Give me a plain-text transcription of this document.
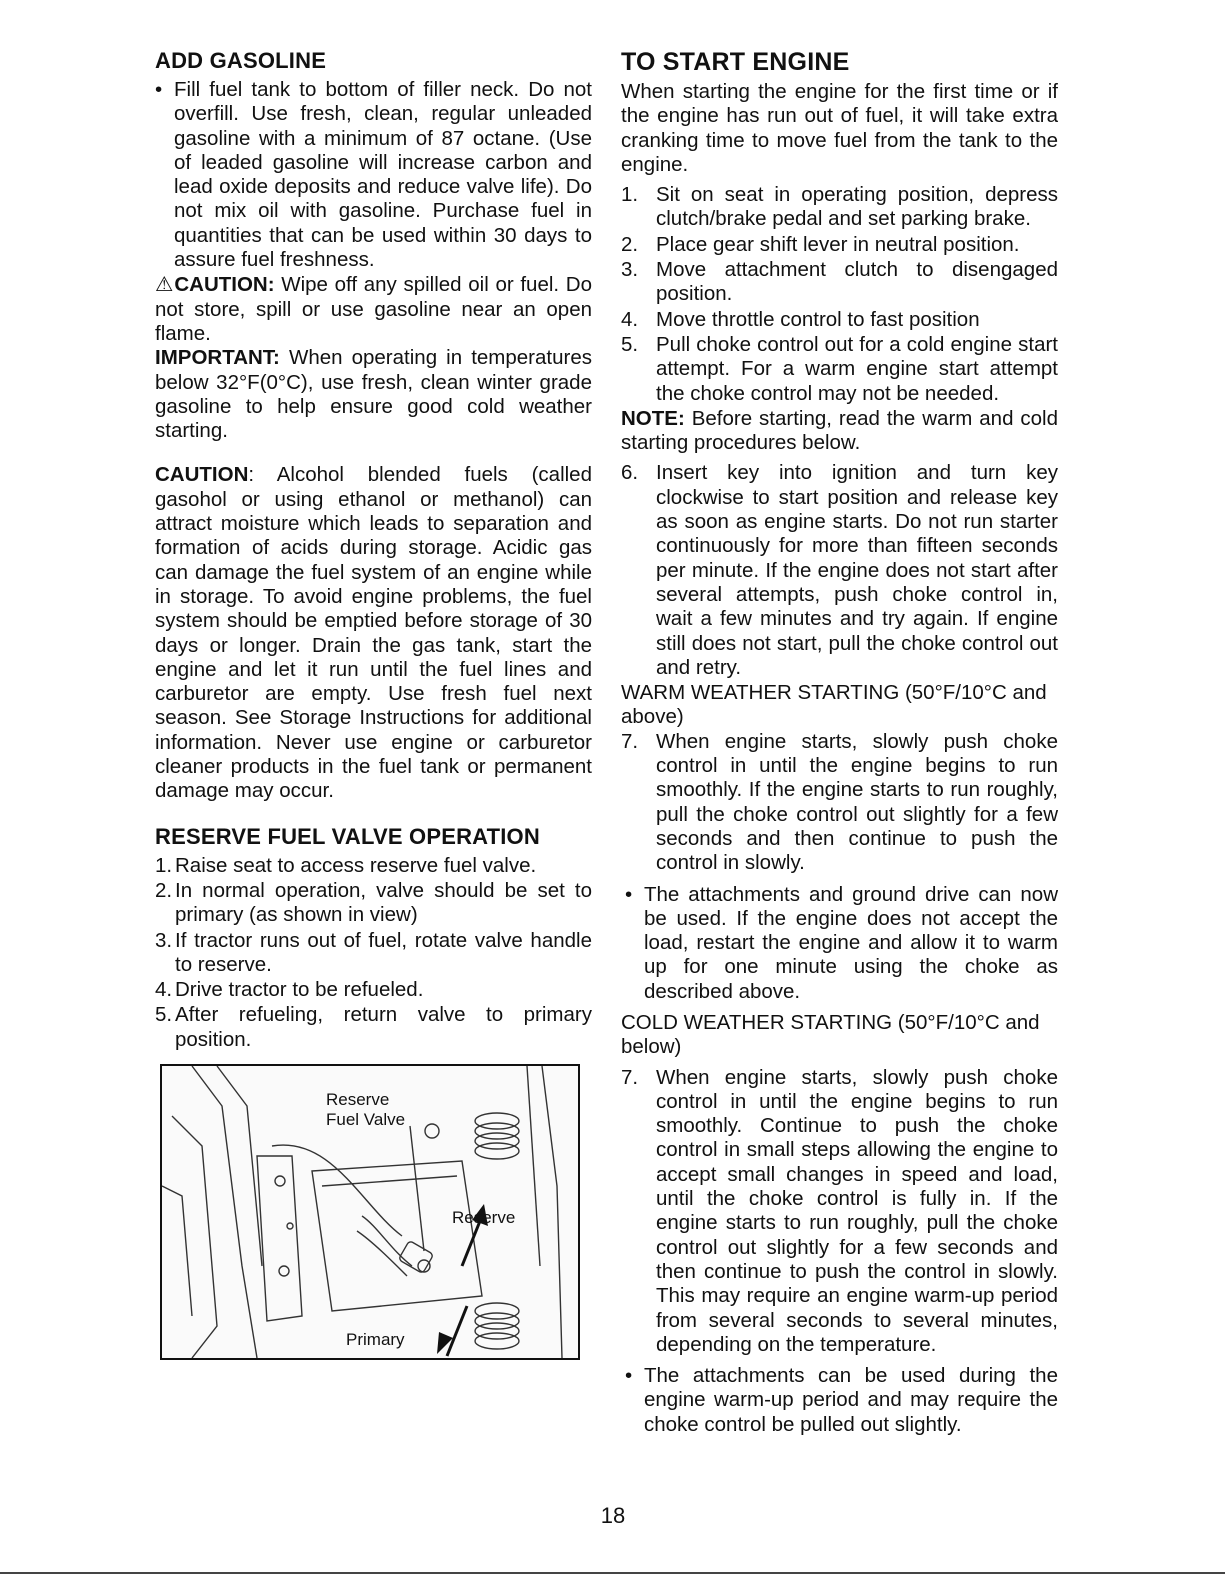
ADD GASOLINE
• Fill fuel tank to bottom of filler neck. Do not overfill. Use fresh, clean, regular unleaded gasoline with a minimum of 87 octane. (Use of leaded gasoline will increase carbon and lead oxide deposits and reduce valve life). Do not mix oil with gasoline. Purchase fuel in quantities that can be used within 30 days to assure fuel freshness.

⚠CAUTION: Wipe off any spilled oil or fuel. Do not store, spill or use gasoline near an open flame.

IMPORTANT: When operating in temperatures below 32°F(0°C), use fresh, clean winter grade gasoline to help ensure good cold weather starting.

CAUTION: Alcohol blended fuels (called gasohol or using ethanol or methanol) can attract moisture which leads to separation and formation of acids during storage. Acidic gas can damage the fuel system of an engine while in storage. To avoid engine problems, the fuel system should be emptied before storage of 30 days or longer. Drain the gas tank, start the engine and let it run until the fuel lines and carburetor are empty. Use fresh fuel next season. See Storage Instructions for additional information. Never use engine or carburetor cleaner products in the fuel tank or permanent damage may occur.

RESERVE FUEL VALVE OPERATION
1. Raise seat to access reserve fuel valve.
2. In normal operation, valve should be set to primary (as shown in view)
3. If tractor runs out of fuel, rotate valve handle to reserve.
4. Drive tractor to be refueled.
5. After refueling, return valve to primary position.
Reserve
Fuel Valve
Reserve
Primary
TO START ENGINE

When starting the engine for the first time or if the engine has run out of fuel, it will take extra cranking time to move fuel from the tank to the engine.

1. Sit on seat in operating position, depress clutch/brake pedal and set parking brake.
2. Place gear shift lever in neutral position.
3. Move attachment clutch to disengaged position.
4. Move throttle control to fast position
5. Pull choke control out for a cold engine start attempt. For a warm engine start attempt the choke control may not be needed.

NOTE: Before starting, read the warm and cold starting procedures below.

6. Insert key into ignition and turn key clockwise to start position and release key as soon as engine starts. Do not run starter continuously for more than fifteen seconds per minute. If the engine does not start after several attempts, push choke control in, wait a few minutes and try again. If engine still does not start, pull the choke control out and retry.

WARM WEATHER STARTING (50°F/10°C and above)

7. When engine starts, slowly push choke control in until the engine begins to run smoothly. If the engine starts to run roughly, pull the choke control out slightly for a few seconds and then continue to push the control in slowly.
• The attachments and ground drive can now be used. If the engine does not accept the load, restart the engine and allow it to warm up for one minute using the choke as described above.

COLD WEATHER STARTING (50°F/10°C and below)

7. When engine starts, slowly push choke control in until the engine begins to run smoothly. Continue to push the choke control in small steps allowing the engine to accept small changes in speed and load, until the choke control is fully in. If the engine starts to run roughly, pull the choke control out slightly for a few seconds and then continue to push the control in slowly. This may require an engine warm-up period from several seconds to several minutes, depending on the temperature.
• The attachments can be used during the engine warm-up period and may require the choke control be pulled out slightly.
18
